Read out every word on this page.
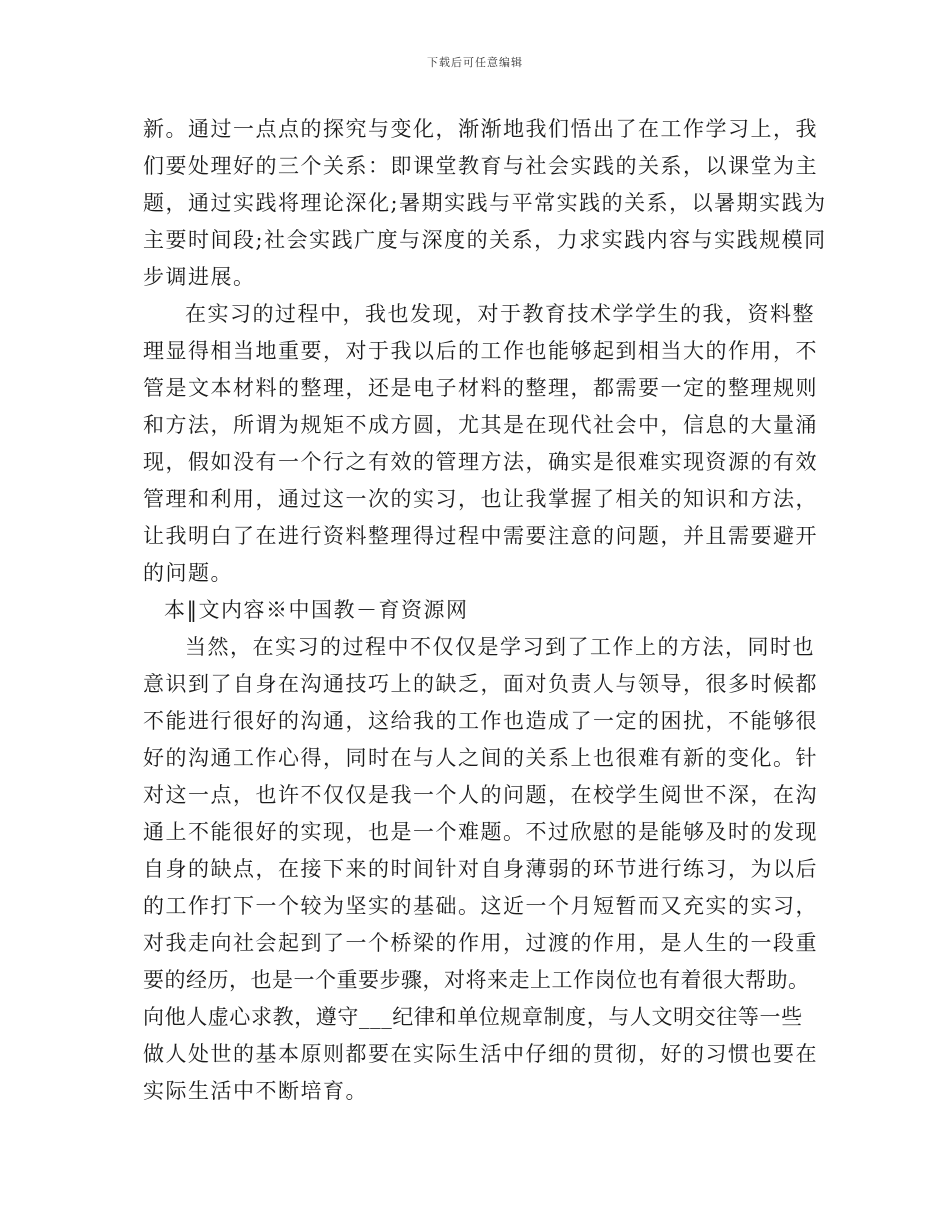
下载后可任意编辑
新。通过一点点的探究与变化，渐渐地我们悟出了在工作学习上，我
们要处理好的三个关系：即课堂教育与社会实践的关系，以课堂为主
题，通过实践将理论深化;暑期实践与平常实践的关系，以暑期实践为
主要时间段;社会实践广度与深度的关系，力求实践内容与实践规模同
步调进展。
在实习的过程中，我也发现，对于教育技术学学生的我，资料整
理显得相当地重要，对于我以后的工作也能够起到相当大的作用，不
管是文本材料的整理，还是电子材料的整理，都需要一定的整理规则
和方法，所谓为规矩不成方圆，尤其是在现代社会中，信息的大量涌
现，假如没有一个行之有效的管理方法，确实是很难实现资源的有效
管理和利用，通过这一次的实习，也让我掌握了相关的知识和方法，
让我明白了在进行资料整理得过程中需要注意的问题，并且需要避开
的问题。
本‖文内容※中国教－育资源网
当然，在实习的过程中不仅仅是学习到了工作上的方法，同时也
意识到了自身在沟通技巧上的缺乏，面对负责人与领导，很多时候都
不能进行很好的沟通，这给我的工作也造成了一定的困扰，不能够很
好的沟通工作心得，同时在与人之间的关系上也很难有新的变化。针
对这一点，也许不仅仅是我一个人的问题，在校学生阅世不深，在沟
通上不能很好的实现，也是一个难题。不过欣慰的是能够及时的发现
自身的缺点，在接下来的时间针对自身薄弱的环节进行练习，为以后
的工作打下一个较为坚实的基础。这近一个月短暂而又充实的实习，
对我走向社会起到了一个桥梁的作用，过渡的作用，是人生的一段重
要的经历，也是一个重要步骤，对将来走上工作岗位也有着很大帮助。
向他人虚心求教，遵守___纪律和单位规章制度，与人文明交往等一些
做人处世的基本原则都要在实际生活中仔细的贯彻，好的习惯也要在
实际生活中不断培育。
